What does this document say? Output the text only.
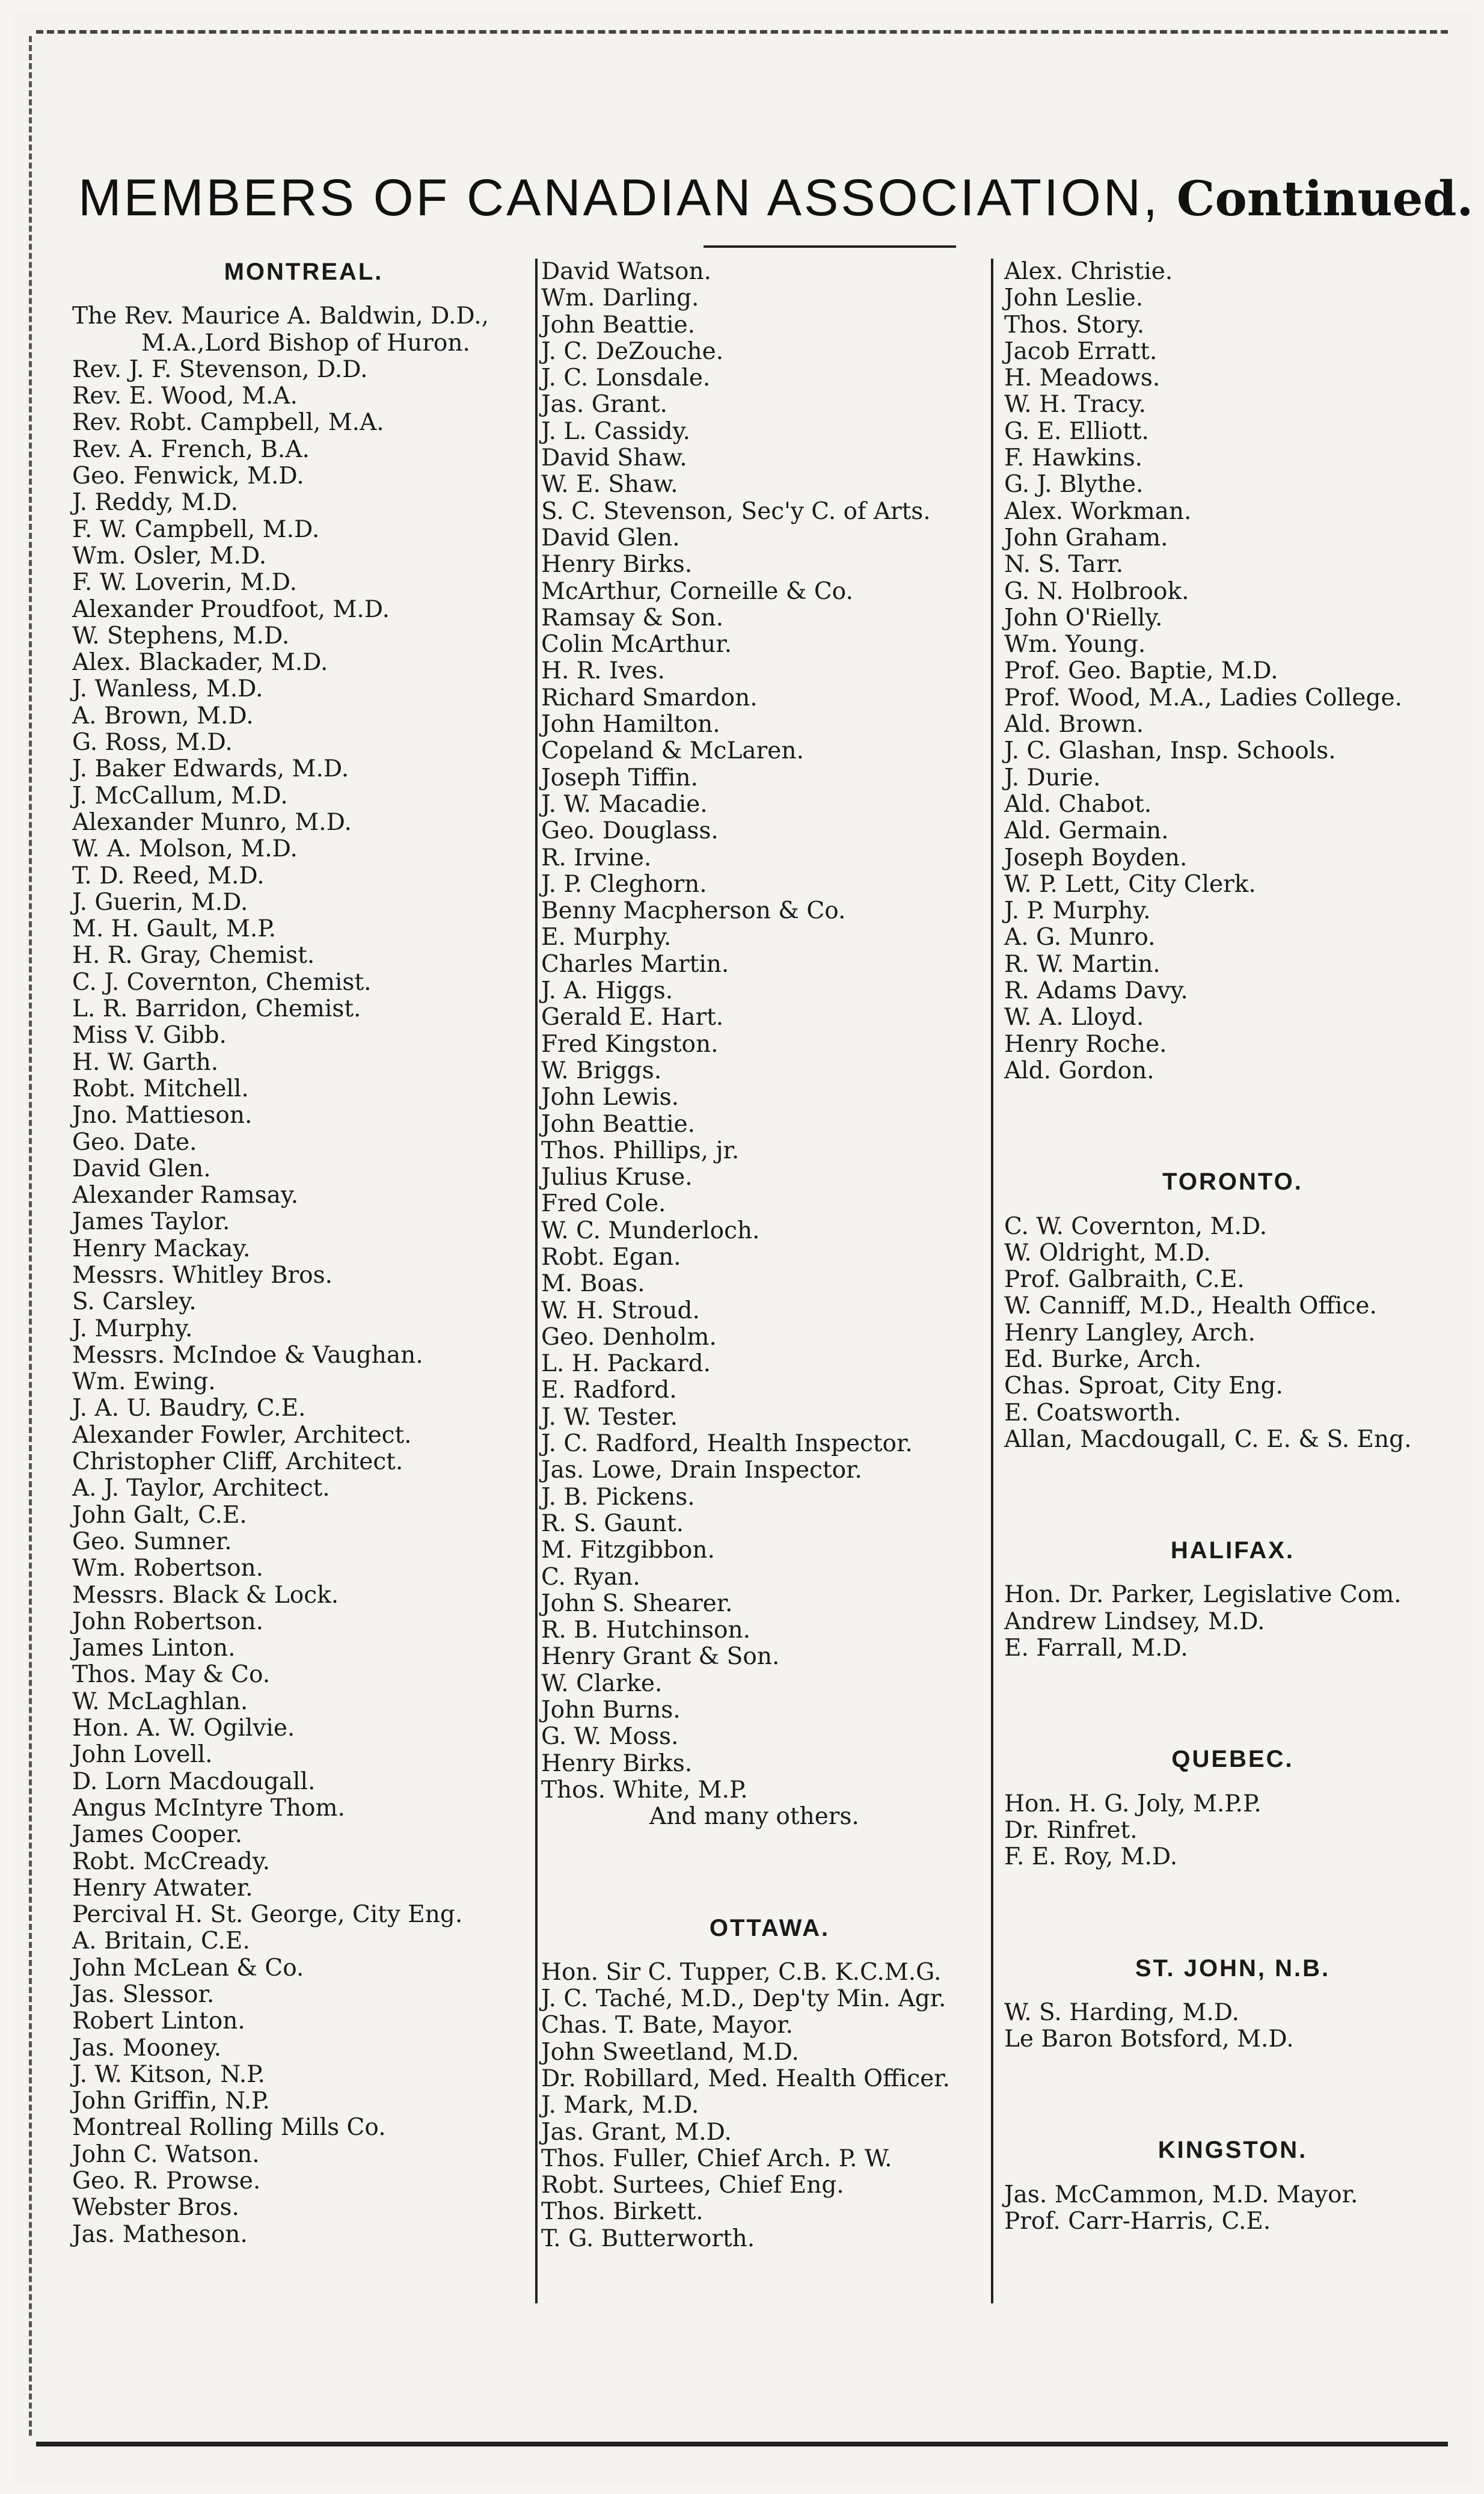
MEMBERS OF CANADIAN ASSOCIATION, Continued.
MONTREAL.
The Rev. Maurice A. Baldwin, D.D.,
M.A.,Lord Bishop of Huron.
Rev. J. F. Stevenson, D.D.
Rev. E. Wood, M.A.
Rev. Robt. Campbell, M.A.
Rev. A. French, B.A.
Geo. Fenwick, M.D.
J. Reddy, M.D.
F. W. Campbell, M.D.
Wm. Osler, M.D.
F. W. Loverin, M.D.
Alexander Proudfoot, M.D.
W. Stephens, M.D.
Alex. Blackader, M.D.
J. Wanless, M.D.
A. Brown, M.D.
G. Ross, M.D.
J. Baker Edwards, M.D.
J. McCallum, M.D.
Alexander Munro, M.D.
W. A. Molson, M.D.
T. D. Reed, M.D.
J. Guerin, M.D.
M. H. Gault, M.P.
H. R. Gray, Chemist.
C. J. Covernton, Chemist.
L. R. Barridon, Chemist.
Miss V. Gibb.
H. W. Garth.
Robt. Mitchell.
Jno. Mattieson.
Geo. Date.
David Glen.
Alexander Ramsay.
James Taylor.
Henry Mackay.
Messrs. Whitley Bros.
S. Carsley.
J. Murphy.
Messrs. McIndoe & Vaughan.
Wm. Ewing.
J. A. U. Baudry, C.E.
Alexander Fowler, Architect.
Christopher Cliff, Architect.
A. J. Taylor, Architect.
John Galt, C.E.
Geo. Sumner.
Wm. Robertson.
Messrs. Black & Lock.
John Robertson.
James Linton.
Thos. May & Co.
W. McLaghlan.
Hon. A. W. Ogilvie.
John Lovell.
D. Lorn Macdougall.
Angus McIntyre Thom.
James Cooper.
Robt. McCready.
Henry Atwater.
Percival H. St. George, City Eng.
A. Britain, C.E.
John McLean & Co.
Jas. Slessor.
Robert Linton.
Jas. Mooney.
J. W. Kitson, N.P.
John Griffin, N.P.
Montreal Rolling Mills Co.
John C. Watson.
Geo. R. Prowse.
Webster Bros.
Jas. Matheson.
David Watson.
Wm. Darling.
John Beattie.
J. C. DeZouche.
J. C. Lonsdale.
Jas. Grant.
J. L. Cassidy.
David Shaw.
W. E. Shaw.
S. C. Stevenson, Sec'y C. of Arts.
David Glen.
Henry Birks.
McArthur, Corneille & Co.
Ramsay & Son.
Colin McArthur.
H. R. Ives.
Richard Smardon.
John Hamilton.
Copeland & McLaren.
Joseph Tiffin.
J. W. Macadie.
Geo. Douglass.
R. Irvine.
J. P. Cleghorn.
Benny Macpherson & Co.
E. Murphy.
Charles Martin.
J. A. Higgs.
Gerald E. Hart.
Fred Kingston.
W. Briggs.
John Lewis.
John Beattie.
Thos. Phillips, jr.
Julius Kruse.
Fred Cole.
W. C. Munderloch.
Robt. Egan.
M. Boas.
W. H. Stroud.
Geo. Denholm.
L. H. Packard.
E. Radford.
J. W. Tester.
J. C. Radford, Health Inspector.
Jas. Lowe, Drain Inspector.
J. B. Pickens.
R. S. Gaunt.
M. Fitzgibbon.
C. Ryan.
John S. Shearer.
R. B. Hutchinson.
Henry Grant & Son.
W. Clarke.
John Burns.
G. W. Moss.
Henry Birks.
Thos. White, M.P.
And many others.
OTTAWA.
Hon. Sir C. Tupper, C.B. K.C.M.G.
J. C. Taché, M.D., Dep'ty Min. Agr.
Chas. T. Bate, Mayor.
John Sweetland, M.D.
Dr. Robillard, Med. Health Officer.
J. Mark, M.D.
Jas. Grant, M.D.
Thos. Fuller, Chief Arch. P. W.
Robt. Surtees, Chief Eng.
Thos. Birkett.
T. G. Butterworth.
Alex. Christie.
John Leslie.
Thos. Story.
Jacob Erratt.
H. Meadows.
W. H. Tracy.
G. E. Elliott.
F. Hawkins.
G. J. Blythe.
Alex. Workman.
John Graham.
N. S. Tarr.
G. N. Holbrook.
John O'Rielly.
Wm. Young.
Prof. Geo. Baptie, M.D.
Prof. Wood, M.A., Ladies College.
Ald. Brown.
J. C. Glashan, Insp. Schools.
J. Durie.
Ald. Chabot.
Ald. Germain.
Joseph Boyden.
W. P. Lett, City Clerk.
J. P. Murphy.
A. G. Munro.
R. W. Martin.
R. Adams Davy.
W. A. Lloyd.
Henry Roche.
Ald. Gordon.
TORONTO.
C. W. Covernton, M.D.
W. Oldright, M.D.
Prof. Galbraith, C.E.
W. Canniff, M.D., Health Office.
Henry Langley, Arch.
Ed. Burke, Arch.
Chas. Sproat, City Eng.
E. Coatsworth.
Allan, Macdougall, C. E. & S. Eng.
HALIFAX.
Hon. Dr. Parker, Legislative Com.
Andrew Lindsey, M.D.
E. Farrall, M.D.
QUEBEC.
Hon. H. G. Joly, M.P.P.
Dr. Rinfret.
F. E. Roy, M.D.
ST. JOHN, N.B.
W. S. Harding, M.D.
Le Baron Botsford, M.D.
KINGSTON.
Jas. McCammon, M.D. Mayor.
Prof. Carr-Harris, C.E.
